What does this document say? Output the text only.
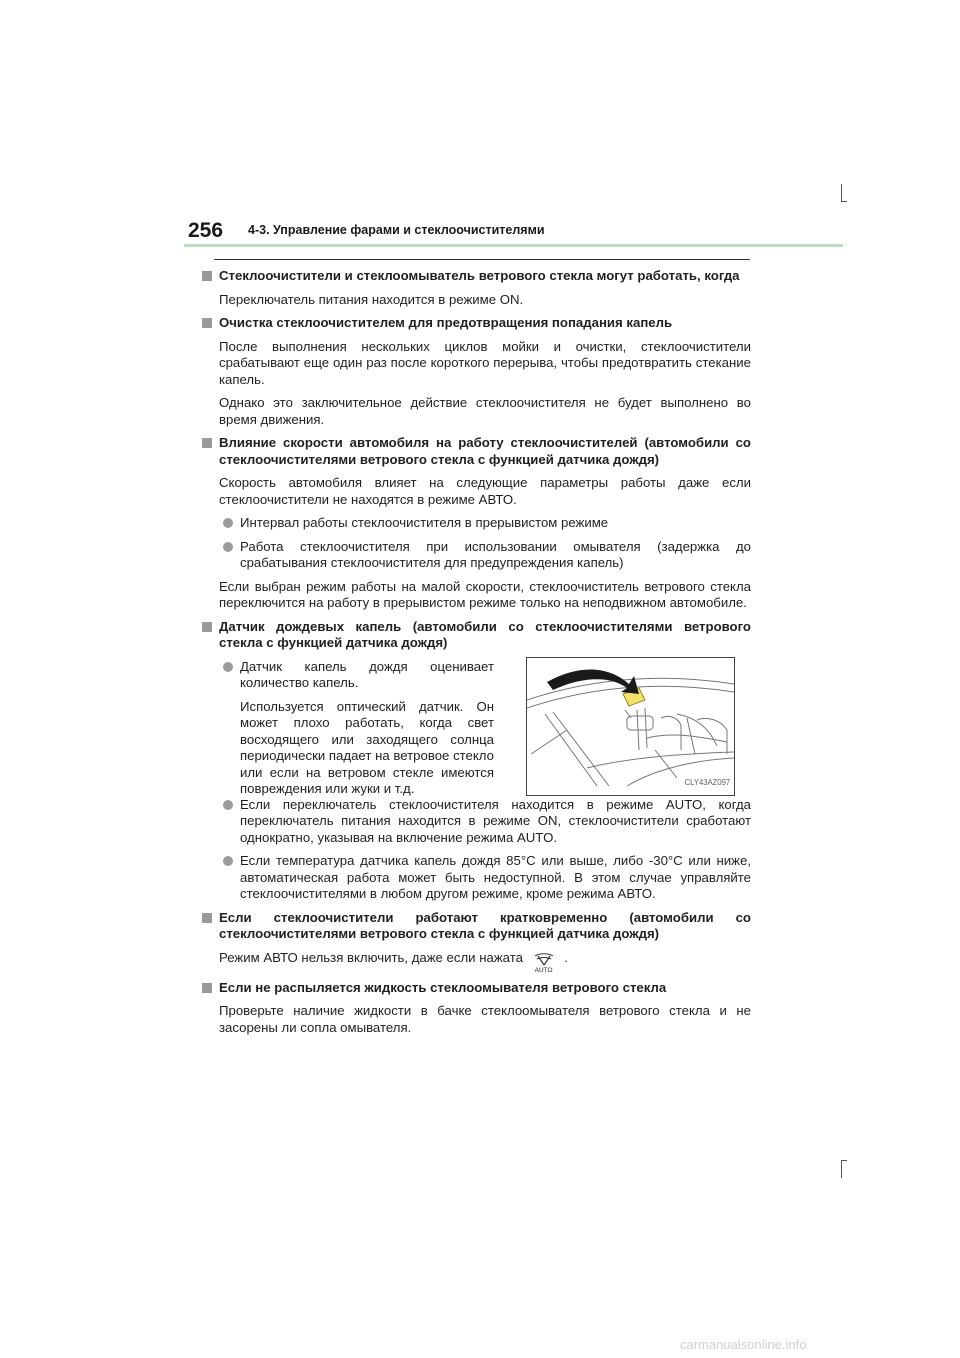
256 4-3. Управление фарами и стеклоочистителями
Стеклоочистители и стеклоомыватель ветрового стекла могут работать, когда
Переключатель питания находится в режиме ON.
Очистка стеклоочистителем для предотвращения попадания капель
После выполнения нескольких циклов мойки и очистки, стеклоочистители срабатывают еще один раз после короткого перерыва, чтобы предотвратить стекание капель.
Однако это заключительное действие стеклоочистителя не будет выполнено во время движения.
Влияние скорости автомобиля на работу стеклоочистителей (автомобили со стеклоочистителями ветрового стекла с функцией датчика дождя)
Скорость автомобиля влияет на следующие параметры работы даже если стеклоочистители не находятся в режиме АВТО.
Интервал работы стеклоочистителя в прерывистом режиме
Работа стеклоочистителя при использовании омывателя (задержка до срабатывания стеклоочистителя для предупреждения капель)
Если выбран режим работы на малой скорости, стеклоочиститель ветрового стекла переключится на работу в прерывистом режиме только на неподвижном автомобиле.
Датчик дождевых капель (автомобили со стеклоочистителями ветрового стекла с функцией датчика дождя)
Датчик капель дождя оценивает количество капель.
Используется оптический датчик. Он может плохо работать, когда свет восходящего или заходящего солнца периодически падает на ветровое стекло или если на ветровом стекле имеются повреждения или жуки и т.д.	CLY43AZ097
Если переключатель стеклоочистителя находится в режиме AUTO, когда переключатель питания находится в режиме ON, стеклоочистители сработают однократно, указывая на включение режима AUTO.
Если температура датчика капель дождя 85°C или выше, либо -30°C или ниже, автоматическая работа может быть недоступной. В этом случае управляйте стеклоочистителями в любом другом режиме, кроме режима АВТО.
Если стеклоочистители работают кратковременно (автомобили со стеклоочистителями ветрового стекла с функцией датчика дождя)
Режим АВТО нельзя включить, даже если нажата
AUTO
.
Если не распыляется жидкость стеклоомывателя ветрового стекла
Проверьте наличие жидкости в бачке стеклоомывателя ветрового стекла и не засорены ли сопла омывателя.
carmanualsonline.info
